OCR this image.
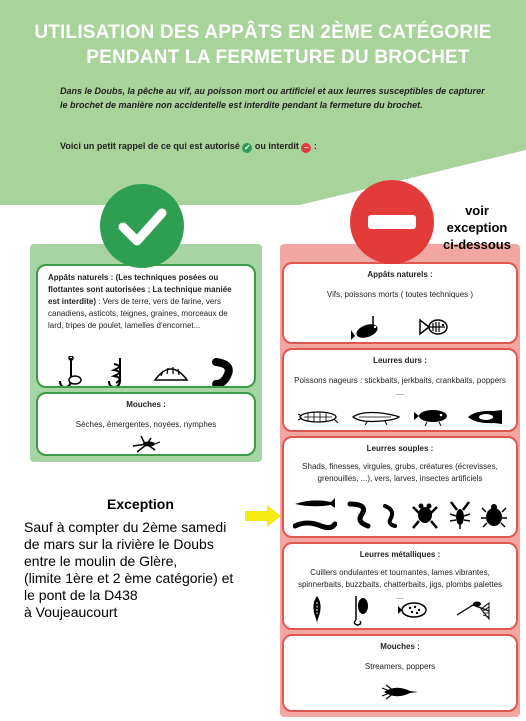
UTILISATION DES APPÂTS EN 2ÈME CATÉGORIE
PENDANT LA FERMETURE DU BROCHET
Dans le Doubs, la pêche au vif, au poisson mort ou artificiel et aux leurres susceptibles de capturer le brochet de manière non accidentelle est interdite pendant la fermeture du brochet.
Voici un petit rappel de ce qui est autorisé ✓ ou interdit – :
Appâts naturels : (Les techniques posées ou flottantes sont autorisées ; La technique maniée est interdite) : Vers de terre, vers de farine, vers canadiens, asticots, teignes, graines, morceaux de lard, tripes de poulet, lamelles d'encornet...
Mouches :
Sèches, émergentes, noyées, nymphes
Appâts naturels :
Vifs, poissons morts ( toutes techniques )
Leurres durs :
Poissons nageurs : stickbaits, jerkbaits, crankbaits, poppers ...
Leurres souples :
Shads, finesses, virgules, grubs, créatures (écrevisses, grenouilles, ...), vers, larves, insectes artificiels
Leurres métalliques :
Cuillers ondulantes et tournantes, lames vibrantes, spinnerbaits, buzzbaits, chatterbaits, jigs, plombs palettes ...
Mouches :
Streamers, poppers
voir
exception
ci-dessous
Exception
Sauf à compter du 2ème samedi
de mars sur la rivière le Doubs
entre le moulin de Glère,
(limite 1ère et 2 ème catégorie) et
le pont de la D438
à Voujeaucourt
